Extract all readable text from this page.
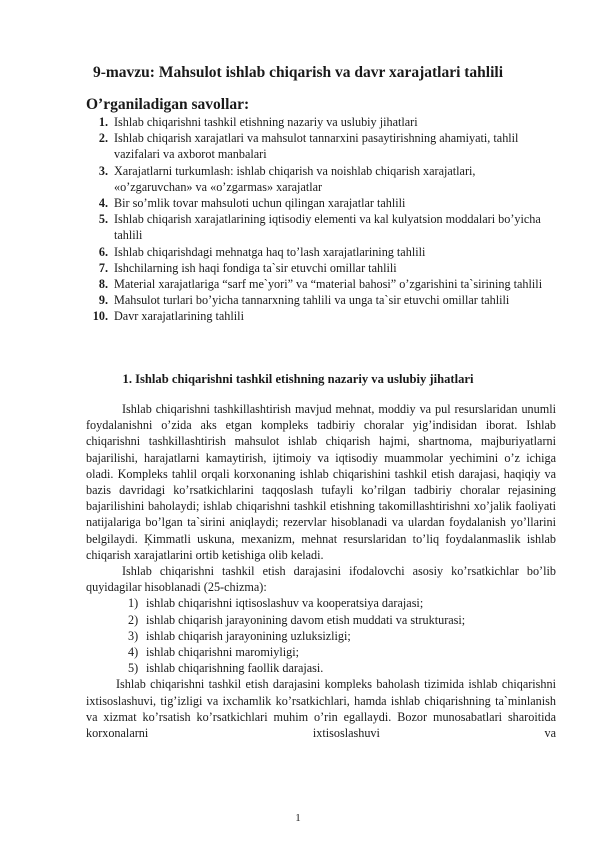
9-mavzu: Mahsulot ishlab chiqarish va davr xarajatlari tahlili
O’rganiladigan savollar:
1. Ishlab chiqarishni tashkil etishning nazariy va uslubiy jihatlari
2. Ishlab chiqarish xarajatlari va mahsulot tannarxini pasaytirishning ahamiyati, tahlil vazifalari va axborot manbalari
3. Xarajatlarni turkumlash: ishlab chiqarish va noishlab chiqarish xarajatlari, «o’zgaruvchan» va «o’zgarmas» xarajatlar
4. Bir so’mlik tovar mahsuloti uchun qilingan xarajatlar tahlili
5. Ishlab chiqarish xarajatlarining iqtisodiy elementi va kal kulyatsion moddalari bo’yicha tahlili
6. Ishlab chiqarishdagi mehnatga haq to’lash xarajatlarining tahlili
7. Ishchilarning ish haqi fondiga ta`sir etuvchi omillar tahlili
8. Material xarajatlariga “sarf me`yori” va “material bahosi” o’zgarishini ta`sirining tahlili
9. Mahsulot turlari bo’yicha tannarxning tahlili va unga ta`sir etuvchi omillar tahlili
10. Davr xarajatlarining tahlili
1. Ishlab chiqarishni tashkil etishning nazariy va uslubiy jihatlari

Ishlab chiqarishni tashkillashtirish mavjud mehnat, moddiy va pul resurslaridan unumli foydalanishni o’zida aks etgan kompleks tadbiriy choralar yig’indisidan iborat. Ishlab chiqarishni tashkillashtirish mahsulot ishlab chiqarish hajmi, shartnoma, majburiyatlarni bajarilishi, harajatlarni kamaytirish, ijtimoiy va iqtisodiy muammolar yechimini o’z ichiga oladi. Kompleks tahlil orqali korxonaning ishlab chiqarishini tashkil etish darajasi, haqiqiy va bazis davridagi ko’rsatkichlarini taqqoslash tufayli ko’rilgan tadbiriy choralar rejasining bajarilishini baholaydi; ishlab chiqarishni tashkil etishning takomillashtirishni xo’jalik faoliyati natijalariga bo’lgan ta`sirini aniqlaydi; rezervlar hisoblanadi va ulardan foydalanish yo’llarini belgilaydi. Ķimmatli uskuna, mexanizm, mehnat resurslaridan to’liq foydalanmaslik ishlab chiqarish xarajatlarini ortib ketishiga olib keladi.

Ishlab chiqarishni tashkil etish darajasini ifodalovchi asosiy ko’rsatkichlar bo’lib quyidagilar hisoblanadi (25-chizma):

1) ishlab chiqarishni iqtisoslashuv va kooperatsiya darajasi;
2) ishlab chiqarish jarayonining davom etish muddati va strukturasi;
3) ishlab chiqarish jarayonining uzluksizligi;
4) ishlab chiqarishni maromiyligi;
5) ishlab chiqarishning faollik darajasi.

Ishlab chiqarishni tashkil etish darajasini kompleks baholash tizimida ishlab chiqarishni ixtisoslashuvi, tig’izligi va ixchamlik ko’rsatkichlari, hamda ishlab chiqarishning ta`minlanish va xizmat ko’rsatish ko’rsatkichlari muhim o’rin egallaydi. Bozor munosabatlari sharoitida korxonalarni ixtisoslashuvi va

1
